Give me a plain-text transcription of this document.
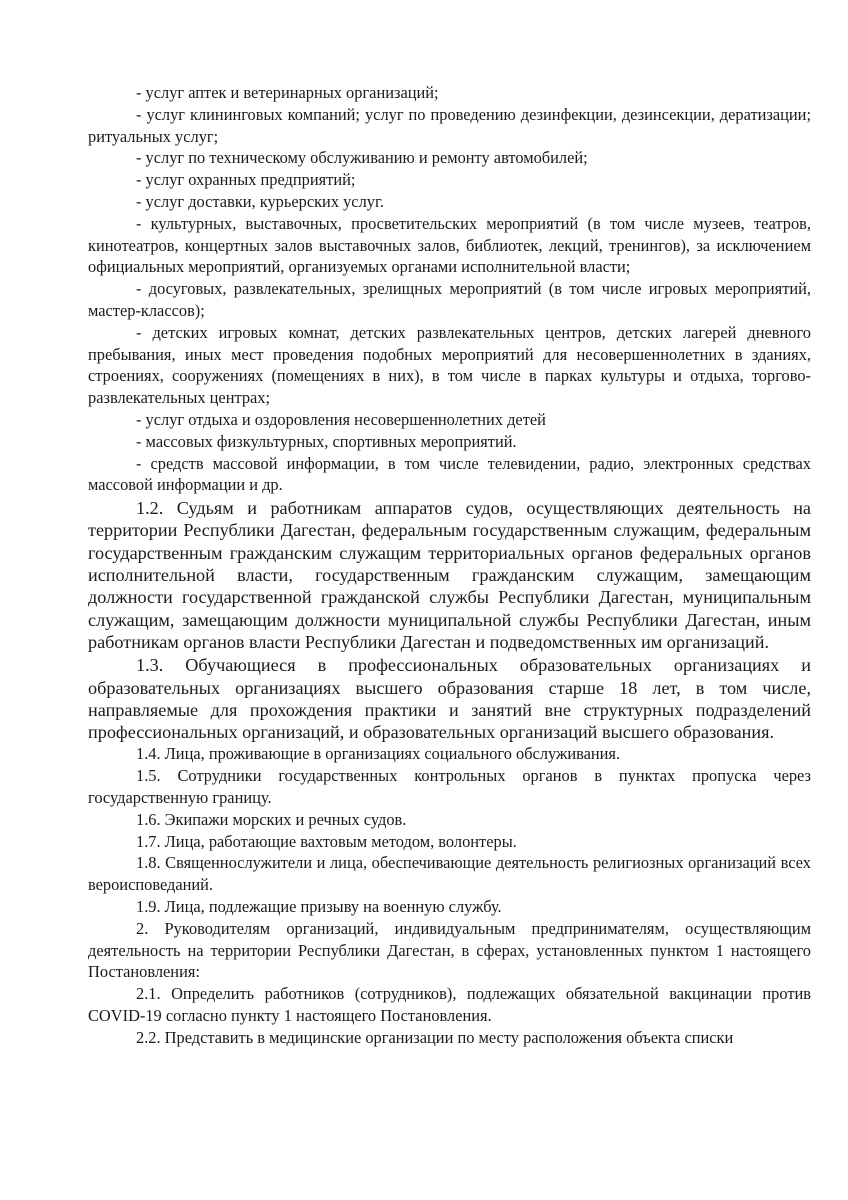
- услуг аптек и ветеринарных организаций;

- услуг клининговых компаний; услуг по проведению дезинфекции, дезинсекции, дератизации; ритуальных услуг;

- услуг по техническому обслуживанию и ремонту автомобилей;

- услуг охранных предприятий;

- услуг доставки, курьерских услуг.

- культурных, выставочных, просветительских мероприятий (в том числе музеев, театров, кинотеатров, концертных залов выставочных залов, библиотек, лекций, тренингов), за исключением официальных мероприятий, организуемых органами исполнительной власти;

- досуговых, развлекательных, зрелищных мероприятий (в том числе игровых мероприятий, мастер-классов);

- детских игровых комнат, детских развлекательных центров, детских лагерей дневного пребывания, иных мест проведения подобных мероприятий для несовершеннолетних в зданиях, строениях, сооружениях (помещениях в них), в том числе в парках культуры и отдыха, торгово-развлекательных центрах;

- услуг отдыха и оздоровления несовершеннолетних детей

- массовых физкультурных, спортивных мероприятий.

- средств массовой информации, в том числе телевидении, радио, электронных средствах массовой информации и др.

1.2. Судьям и работникам аппаратов судов, осуществляющих деятельность на территории Республики Дагестан, федеральным государственным служащим, федеральным государственным гражданским служащим территориальных органов федеральных органов исполнительной власти, государственным гражданским служащим, замещающим должности государственной гражданской службы Республики Дагестан, муниципальным служащим, замещающим должности муниципальной службы Республики Дагестан, иным работникам органов власти Республики Дагестан и подведомственных им организаций.

1.3. Обучающиеся в профессиональных образовательных организациях и образовательных организациях высшего образования старше 18 лет, в том числе, направляемые для прохождения практики и занятий вне структурных подразделений профессиональных организаций, и образовательных организаций высшего образования.

1.4. Лица, проживающие в организациях социального обслуживания.

1.5. Сотрудники государственных контрольных органов в пунктах пропуска через государственную границу.

1.6. Экипажи морских и речных судов.

1.7. Лица, работающие вахтовым методом, волонтеры.

1.8. Священнослужители и лица, обеспечивающие деятельность религиозных организаций всех вероисповеданий.

1.9. Лица, подлежащие призыву на военную службу.

2. Руководителям организаций, индивидуальным предпринимателям, осуществляющим деятельность на территории Республики Дагестан, в сферах, установленных пунктом 1 настоящего Постановления:

2.1. Определить работников (сотрудников), подлежащих обязательной вакцинации против COVID-19 согласно пункту 1 настоящего Постановления.

2.2. Представить в медицинские организации по месту расположения объекта списки
